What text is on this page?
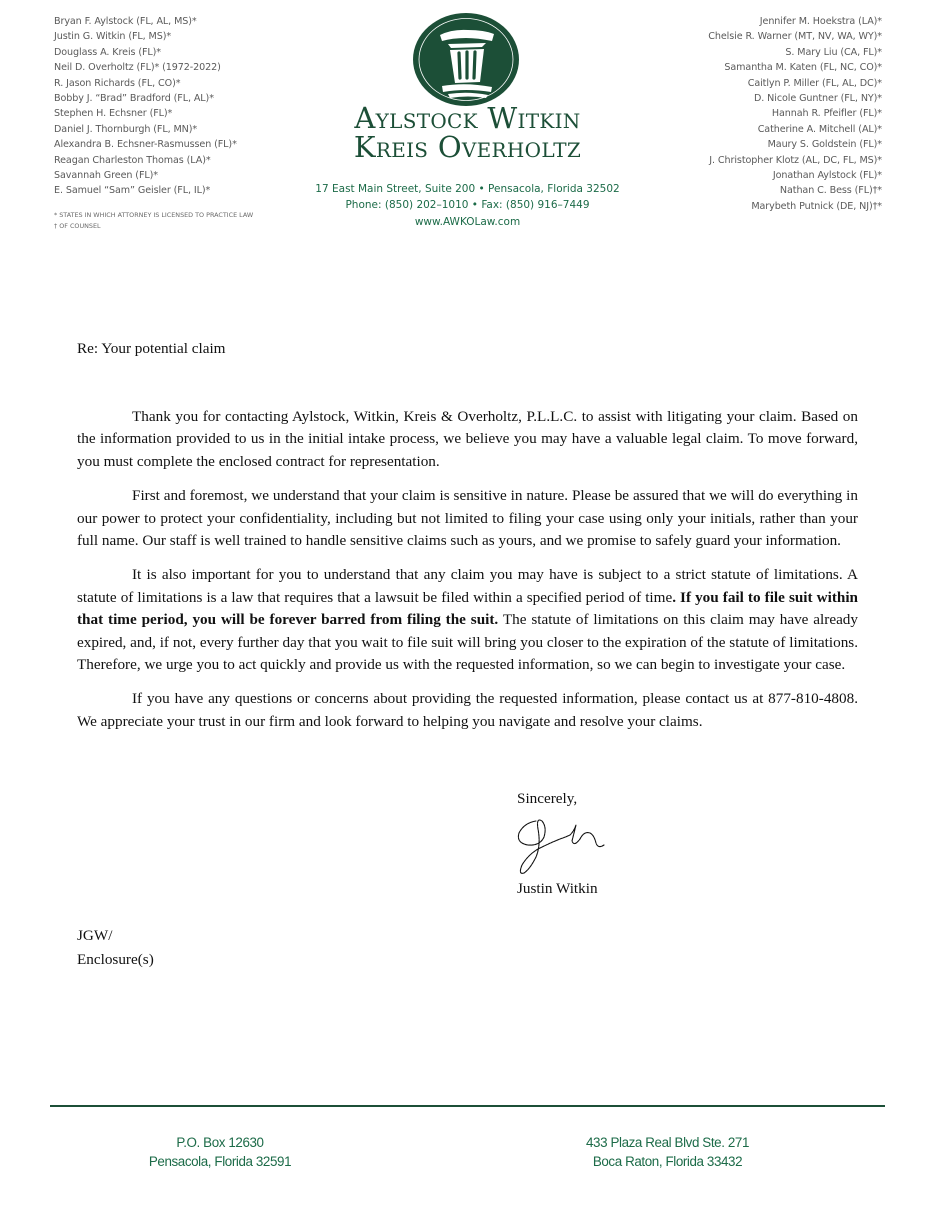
Bryan F. Aylstock (FL, AL, MS)*
Justin G. Witkin (FL, MS)*
Douglass A. Kreis (FL)*
Neil D. Overholtz (FL)* (1972-2022)
R. Jason Richards (FL, CO)*
Bobby J. “Brad” Bradford (FL, AL)*
Stephen H. Echsner (FL)*
Daniel J. Thornburgh (FL, MN)*
Alexandra B. Echsner-Rasmussen (FL)*
Reagan Charleston Thomas (LA)*
Savannah Green (FL)*
E. Samuel “Sam” Geisler (FL, IL)*
* STATES IN WHICH ATTORNEY IS LICENSED TO PRACTICE LAW
† OF COUNSEL
Aylstock Witkin
Kreis Overholtz
17 East Main Street, Suite 200 • Pensacola, Florida 32502
Phone: (850) 202–1010 • Fax: (850) 916–7449
www.AWKOLaw.com
Jennifer M. Hoekstra (LA)*
Chelsie R. Warner (MT, NV, WA, WY)*
S. Mary Liu (CA, FL)*
Samantha M. Katen (FL, NC, CO)*
Caitlyn P. Miller (FL, AL, DC)*
D. Nicole Guntner (FL, NY)*
Hannah R. Pfeifler (FL)*
Catherine A. Mitchell (AL)*
Maury S. Goldstein (FL)*
J. Christopher Klotz (AL, DC, FL, MS)*
Jonathan Aylstock (FL)*
Nathan C. Bess (FL)†*
Marybeth Putnick (DE, NJ)†*
Re: Your potential claim

Thank you for contacting Aylstock, Witkin, Kreis & Overholtz, P.L.L.C. to assist with litigating your claim. Based on the information provided to us in the initial intake process, we believe you may have a valuable legal claim. To move forward, you must complete the enclosed contract for representation.

First and foremost, we understand that your claim is sensitive in nature. Please be assured that we will do everything in our power to protect your confidentiality, including but not limited to filing your case using only your initials, rather than your full name. Our staff is well trained to handle sensitive claims such as yours, and we promise to safely guard your information.

It is also important for you to understand that any claim you may have is subject to a strict statute of limitations. A statute of limitations is a law that requires that a lawsuit be filed within a specified period of time. If you fail to file suit within that time period, you will be forever barred from filing the suit. The statute of limitations on this claim may have already expired, and, if not, every further day that you wait to file suit will bring you closer to the expiration of the statute of limitations. Therefore, we urge you to act quickly and provide us with the requested information, so we can begin to investigate your case.

If you have any questions or concerns about providing the requested information, please contact us at 877-810-4808. We appreciate your trust in our firm and look forward to helping you navigate and resolve your claims.

Sincerely,
Justin Witkin
JGW/
Enclosure(s)
P.O. Box 12630
Pensacola, Florida 32591
433 Plaza Real Blvd Ste. 271
Boca Raton, Florida 33432
